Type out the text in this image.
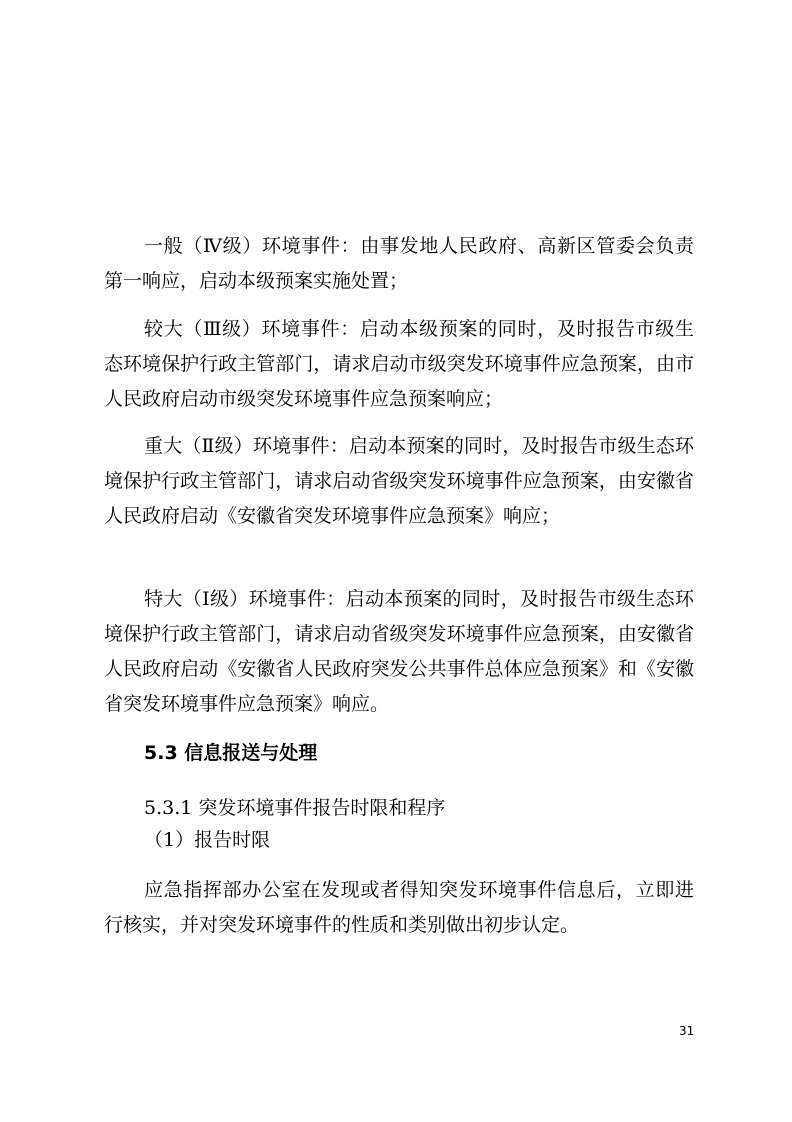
一般（Ⅳ级）环境事件：由事发地人民政府、高新区管委会负责第一响应，启动本级预案实施处置；

较大（Ⅲ级）环境事件：启动本级预案的同时，及时报告市级生态环境保护行政主管部门，请求启动市级突发环境事件应急预案，由市人民政府启动市级突发环境事件应急预案响应；

重大（Ⅱ级）环境事件：启动本预案的同时，及时报告市级生态环境保护行政主管部门，请求启动省级突发环境事件应急预案，由安徽省人民政府启动《安徽省突发环境事件应急预案》响应；

特大（Ⅰ级）环境事件：启动本预案的同时，及时报告市级生态环境保护行政主管部门，请求启动省级突发环境事件应急预案，由安徽省人民政府启动《安徽省人民政府突发公共事件总体应急预案》和《安徽省突发环境事件应急预案》响应。

5.3 信息报送与处理

5.3.1 突发环境事件报告时限和程序

（1）报告时限

应急指挥部办公室在发现或者得知突发环境事件信息后，立即进行核实，并对突发环境事件的性质和类别做出初步认定。

31
